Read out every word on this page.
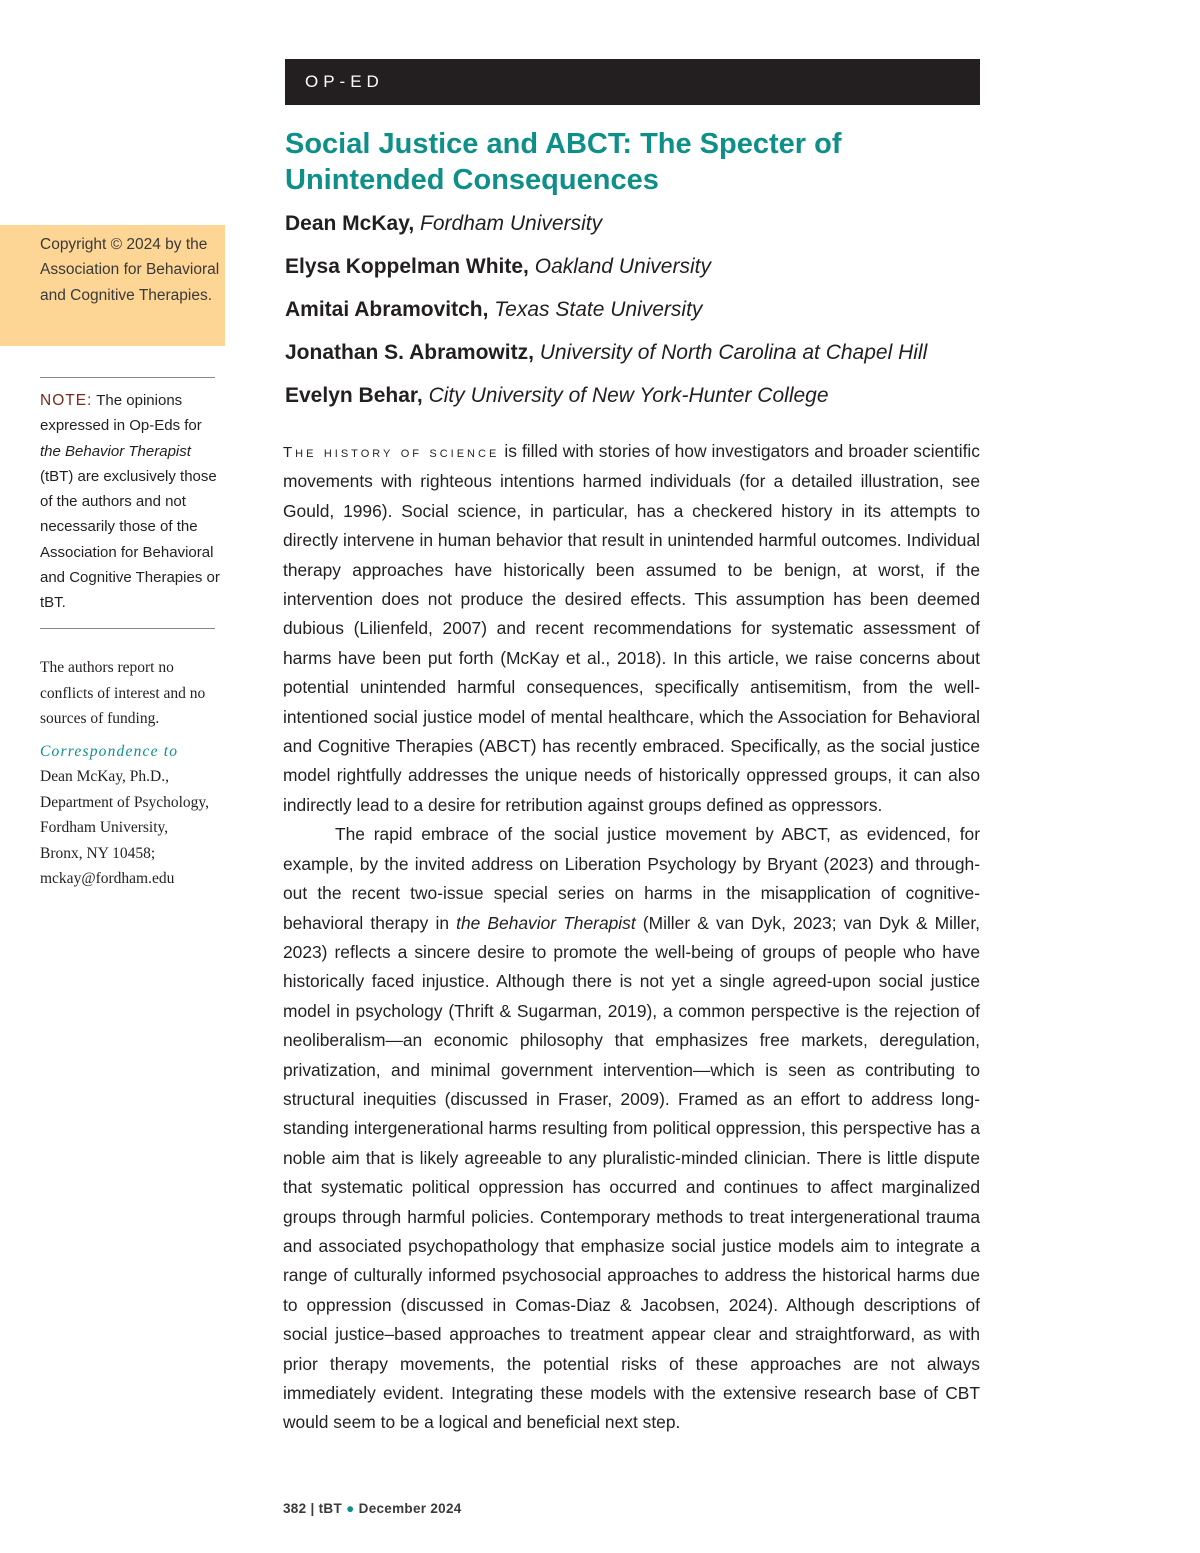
OP-ED
Social Justice and ABCT: The Specter of Unintended Consequences
Dean McKay, Fordham University
Elysa Koppelman White, Oakland University
Amitai Abramovitch, Texas State University
Jonathan S. Abramowitz, University of North Carolina at Chapel Hill
Evelyn Behar, City University of New York-Hunter College
Copyright © 2024 by the Association for Behavioral and Cognitive Therapies.
NOTE: The opinions expressed in Op-Eds for the Behavior Therapist (tBT) are exclusively those of the authors and not necessarily those of the Association for Behavioral and Cognitive Therapies or tBT.
The authors report no conflicts of interest and no sources of funding.
Correspondence to
Dean McKay, Ph.D.,
Department of Psychology,
Fordham University,
Bronx, NY 10458;
mckay@fordham.edu

The history of science is filled with stories of how investigators and broader scientific movements with righteous intentions harmed individuals (for a detailed illustration, see Gould, 1996). Social science, in particular, has a checkered history in its attempts to directly intervene in human behavior that result in unintended harmful outcomes. Individual therapy approaches have historically been assumed to be benign, at worst, if the intervention does not produce the desired effects. This assumption has been deemed dubious (Lilienfeld, 2007) and recent recommendations for systematic assessment of harms have been put forth (McKay et al., 2018). In this article, we raise concerns about potential unintended harmful consequences, specifically antisemitism, from the well-intentioned social justice model of mental healthcare, which the Association for Behavioral and Cognitive Therapies (ABCT) has recently embraced. Specifically, as the social justice model rightfully addresses the unique needs of historically oppressed groups, it can also indirectly lead to a desire for retribution against groups defined as oppressors.

The rapid embrace of the social justice movement by ABCT, as evidenced, for example, by the invited address on Liberation Psychology by Bryant (2023) and throughout the recent two-issue special series on harms in the misapplication of cognitive-behavioral therapy in the Behavior Therapist (Miller & van Dyk, 2023; van Dyk & Miller, 2023) reflects a sincere desire to promote the well-being of groups of people who have historically faced injustice. Although there is not yet a single agreed-upon social justice model in psychology (Thrift & Sugarman, 2019), a common perspective is the rejection of neoliberalism—an economic philosophy that emphasizes free markets, deregulation, privatization, and minimal government intervention—which is seen as contributing to structural inequities (discussed in Fraser, 2009). Framed as an effort to address longstanding intergenerational harms resulting from political oppression, this perspective has a noble aim that is likely agreeable to any pluralistic-minded clinician. There is little dispute that systematic political oppression has occurred and continues to affect marginalized groups through harmful policies. Contemporary methods to treat intergenerational trauma and associated psychopathology that emphasize social justice models aim to integrate a range of culturally informed psychosocial approaches to address the historical harms due to oppression (discussed in Comas-Diaz & Jacobsen, 2024). Although descriptions of social justice–based approaches to treatment appear clear and straightforward, as with prior therapy movements, the potential risks of these approaches are not always immediately evident. Integrating these models with the extensive research base of CBT would seem to be a logical and beneficial next step.

382 | tBT ● December 2024
